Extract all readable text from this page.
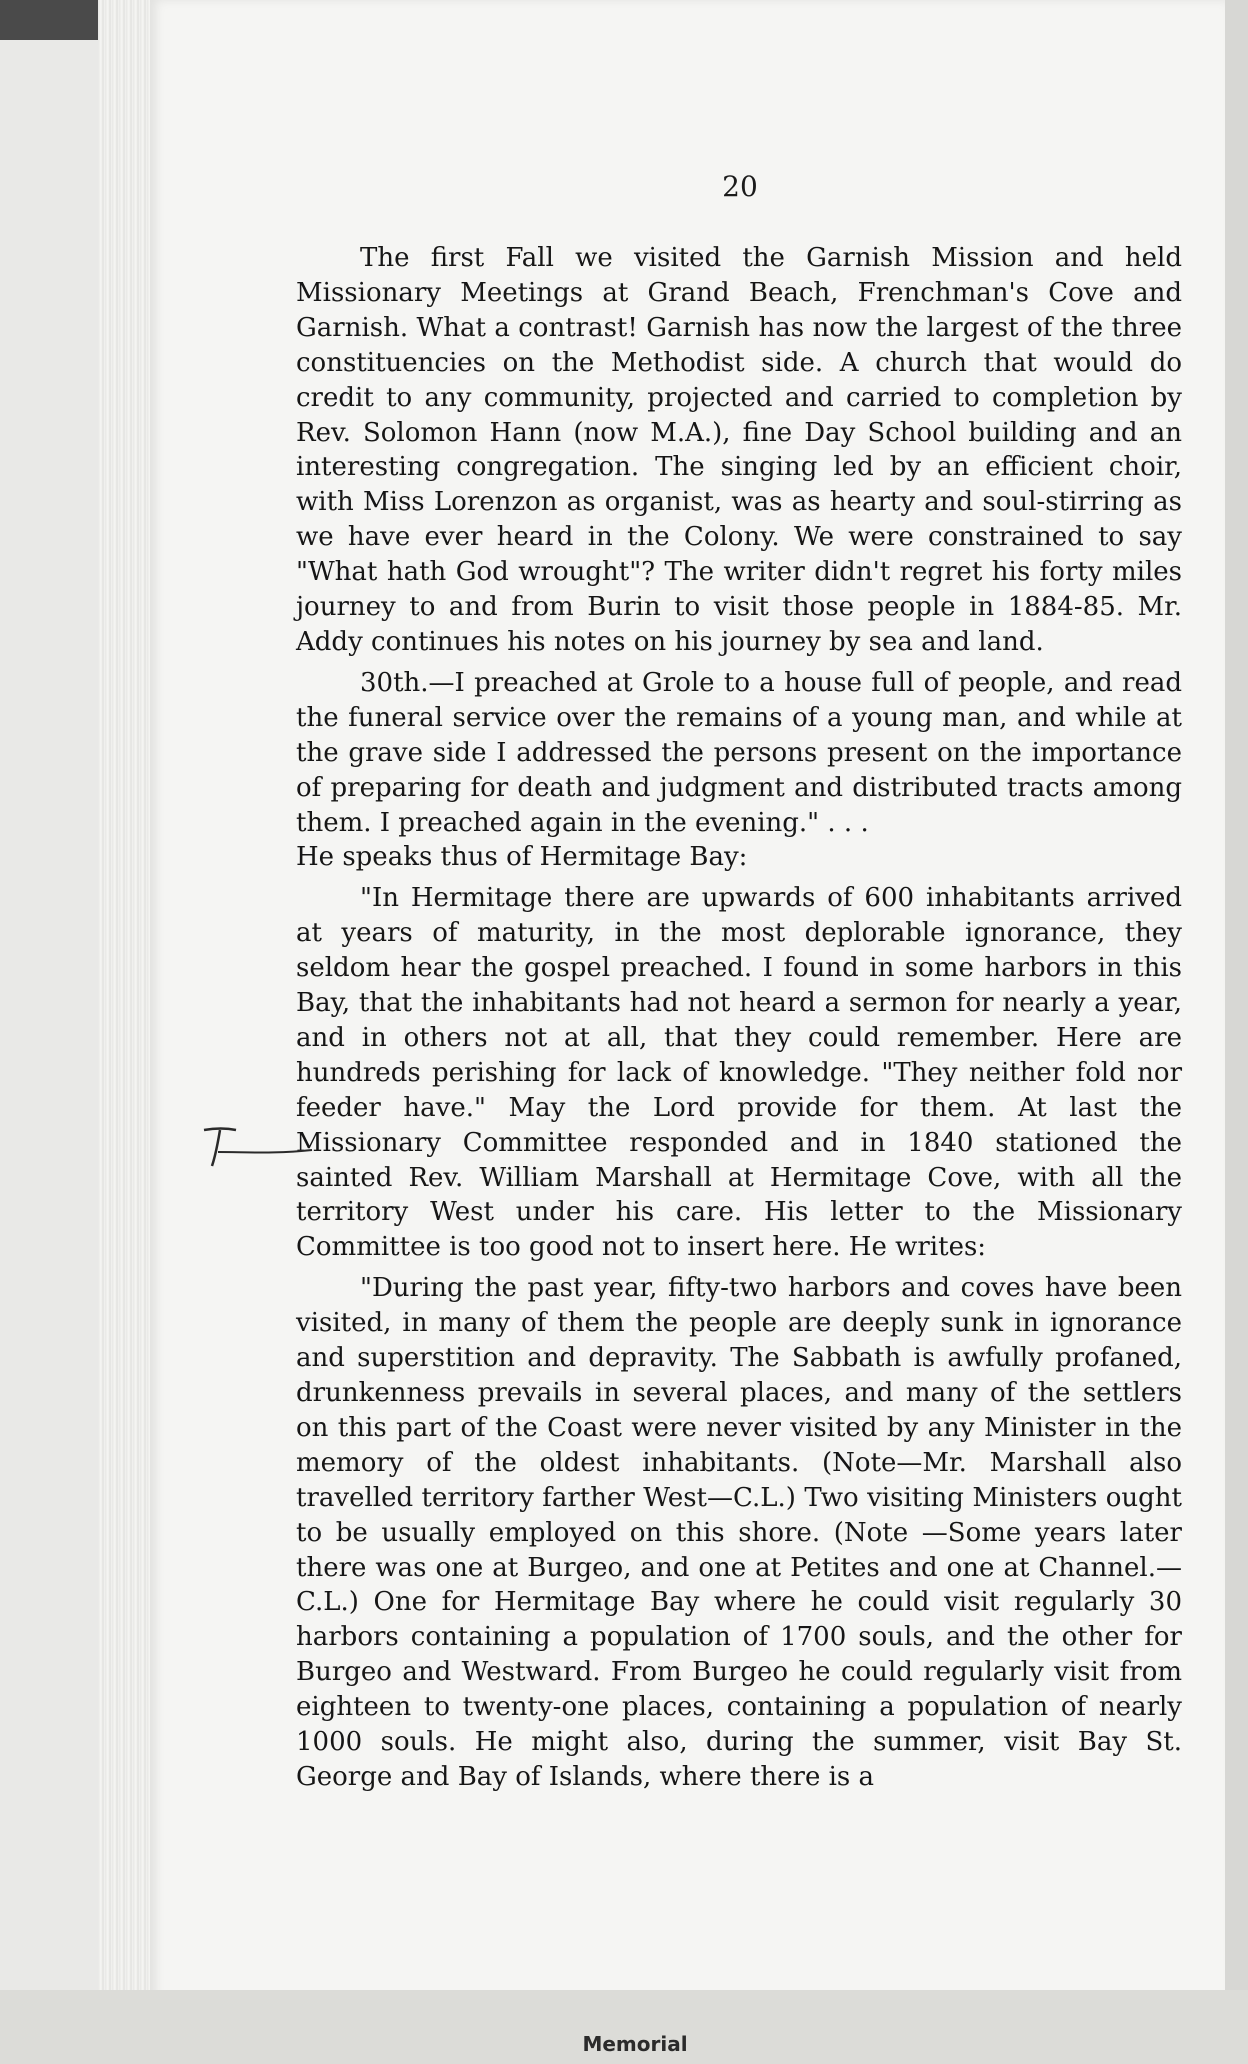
20

The first Fall we visited the Garnish Mission and held Missionary Meetings at Grand Beach, Frenchman's Cove and Garnish. What a contrast! Garnish has now the largest of the three constituencies on the Methodist side. A church that would do credit to any community, projected and carried to completion by Rev. Solomon Hann (now M.A.), fine Day School building and an interesting congregation. The singing led by an efficient choir, with Miss Lorenzon as organist, was as hearty and soul-stirring as we have ever heard in the Colony. We were constrained to say "What hath God wrought"? The writer didn't regret his forty miles journey to and from Burin to visit those people in 1884-85. Mr. Addy continues his notes on his journey by sea and land.

30th.—I preached at Grole to a house full of people, and read the funeral service over the remains of a young man, and while at the grave side I addressed the persons present on the importance of preparing for death and judgment and distributed tracts among them. I preached again in the evening." . . .

He speaks thus of Hermitage Bay:

"In Hermitage there are upwards of 600 inhabitants arrived at years of maturity, in the most deplorable ignorance, they seldom hear the gospel preached. I found in some harbors in this Bay, that the inhabitants had not heard a sermon for nearly a year, and in others not at all, that they could remember. Here are hundreds perishing for lack of knowledge. "They neither fold nor feeder have." May the Lord provide for them. At last the Missionary Committee responded and in 1840 stationed the sainted Rev. William Marshall at Hermitage Cove, with all the territory West under his care. His letter to the Missionary Committee is too good not to insert here. He writes:

"During the past year, fifty-two harbors and coves have been visited, in many of them the people are deeply sunk in ignorance and superstition and depravity. The Sabbath is awfully profaned, drunkenness prevails in several places, and many of the settlers on this part of the Coast were never visited by any Minister in the memory of the oldest inhabitants. (Note—Mr. Marshall also travelled territory farther West—C.L.) Two visiting Ministers ought to be usually employed on this shore. (Note —Some years later there was one at Burgeo, and one at Petites and one at Channel.—C.L.) One for Hermitage Bay where he could visit regularly 30 harbors containing a population of 1700 souls, and the other for Burgeo and Westward. From Burgeo he could regularly visit from eighteen to twenty-one places, containing a population of nearly 1000 souls. He might also, during the summer, visit Bay St. George and Bay of Islands, where there is a

Memorial
